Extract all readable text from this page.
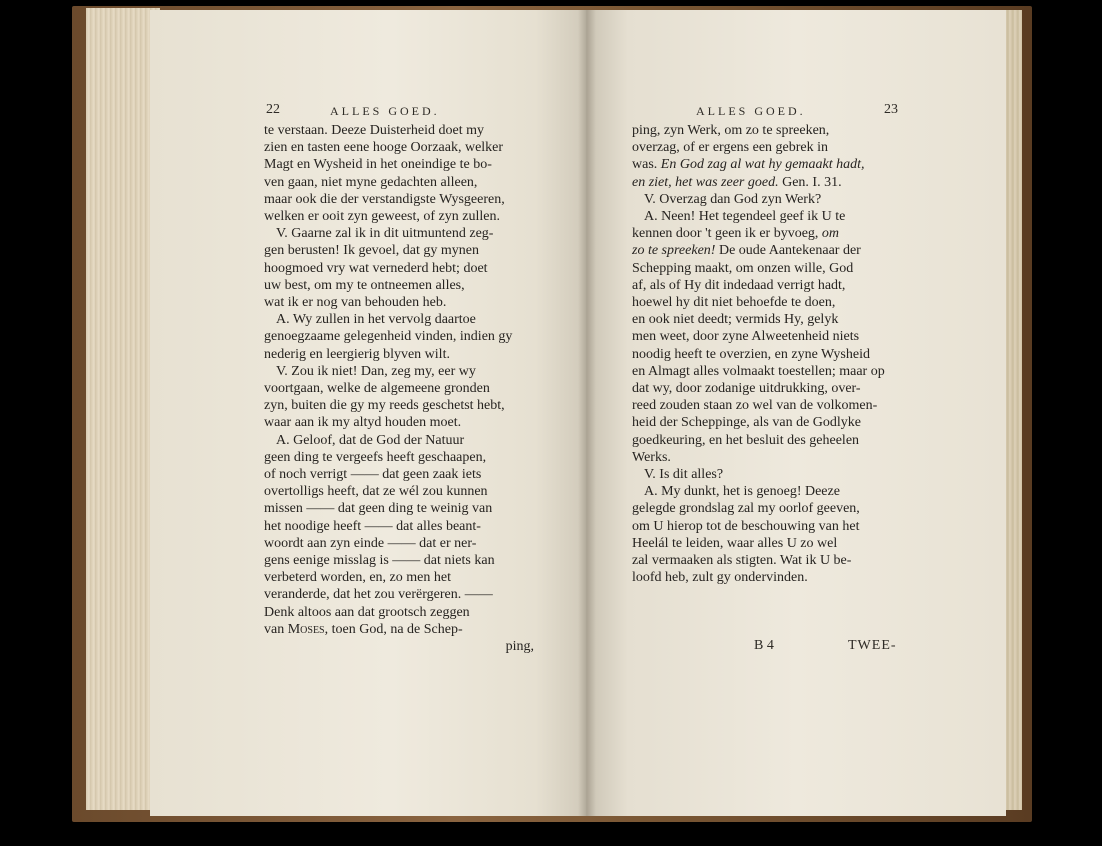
22	ALLES GOED.

te verstaan. Deeze Duisterheid doet my

zien en tasten eene hooge Oorzaak, welker

Magt en Wysheid in het oneindige te bo-

ven gaan, niet myne gedachten alleen,

maar ook die der verstandigste Wysgeeren,

welken er ooit zyn geweest, of zyn zullen.

V. Gaarne zal ik in dit uitmuntend zeg-

gen berusten! Ik gevoel, dat gy mynen

hoogmoed vry wat vernederd hebt; doet

uw best, om my te ontneemen alles,

wat ik er nog van behouden heb.

A. Wy zullen in het vervolg daartoe

genoegzaame gelegenheid vinden, indien gy

nederig en leergierig blyven wilt.

V. Zou ik niet! Dan, zeg my, eer wy

voortgaan, welke de algemeene gronden

zyn, buiten die gy my reeds geschetst hebt,

waar aan ik my altyd houden moet.

A. Geloof, dat de God der Natuur

geen ding te vergeefs heeft geschaapen,

of noch verrigt —— dat geen zaak iets

overtolligs heeft, dat ze wél zou kunnen

missen —— dat geen ding te weinig van

het noodige heeft —— dat alles beant-

woordt aan zyn einde —— dat er ner-

gens eenige misslag is —— dat niets kan

verbeterd worden, en, zo men het

veranderde, dat het zou verërgeren. ——

Denk altoos aan dat grootsch zeggen

van Moses, toen God, na de Schep-

ping,

ALLES GOED.	23

ping, zyn Werk, om zo te spreeken,

overzag, of er ergens een gebrek in

was. En God zag al wat hy gemaakt hadt,

en ziet, het was zeer goed. Gen. I. 31.

V. Overzag dan God zyn Werk?

A. Neen! Het tegendeel geef ik U te

kennen door 't geen ik er byvoeg, om

zo te spreeken! De oude Aantekenaar der

Schepping maakt, om onzen wille, God

af, als of Hy dit indedaad verrigt hadt,

hoewel hy dit niet behoefde te doen,

en ook niet deedt; vermids Hy, gelyk

men weet, door zyne Alweetenheid niets

noodig heeft te overzien, en zyne Wysheid

en Almagt alles volmaakt toestellen; maar op

dat wy, door zodanige uitdrukking, over-

reed zouden staan zo wel van de volkomen-

heid der Scheppinge, als van de Godlyke

goedkeuring, en het besluit des geheelen

Werks.

V. Is dit alles?

A. My dunkt, het is genoeg! Deeze

gelegde grondslag zal my oorlof geeven,

om U hierop tot de beschouwing van het

Heelál te leiden, waar alles U zo wel

zal vermaaken als stigten. Wat ik U be-

loofd heb, zult gy ondervinden.

B 4	TWEE-
